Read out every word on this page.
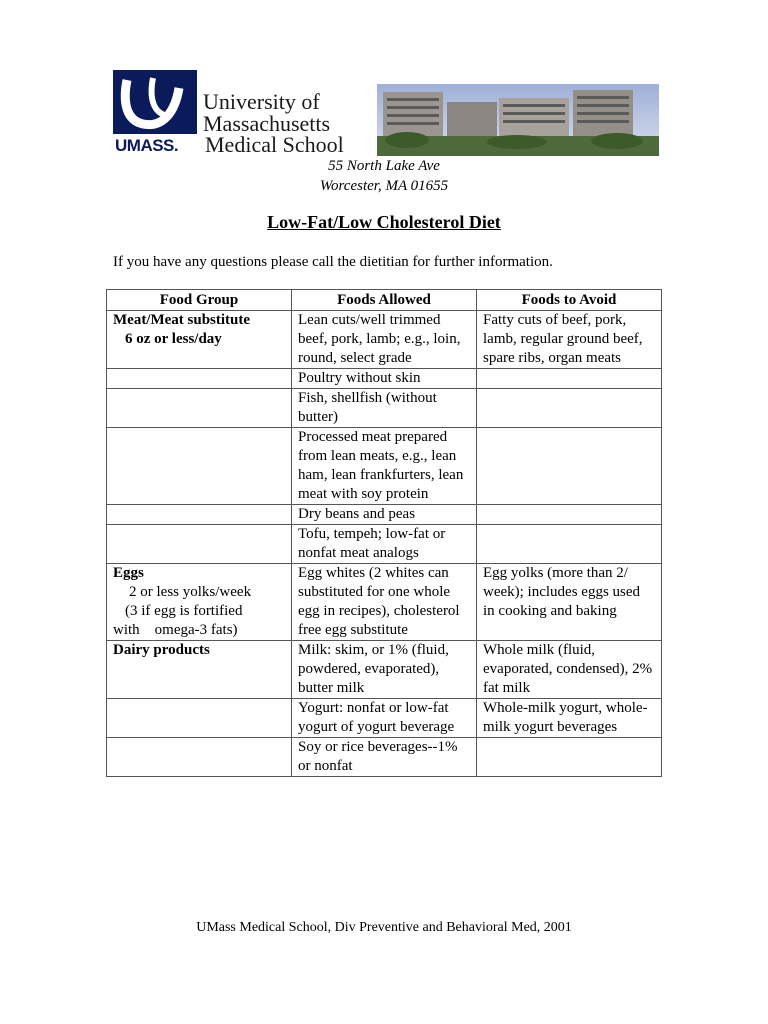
University of
Massachusetts
UMASS. Medical School
55 North Lake Ave
Worcester, MA 01655
Low-Fat/Low Cholesterol Diet
If you have any questions please call the dietitian for further information.
Food Group	Foods Allowed	Foods to Avoid

Meat/Meat substitute
6 oz or less/day	Lean cuts/well trimmed beef, pork, lamb; e.g., loin, round, select grade	Fatty cuts of beef, pork, lamb, regular ground beef, spare ribs, organ meats
	Poultry without skin	
	Fish, shellfish (without butter)	
	Processed meat prepared from lean meats, e.g., lean ham, lean frankfurters, lean meat with soy protein	
	Dry beans and peas	
	Tofu, tempeh; low-fat or nonfat meat analogs	

Eggs
2 or less yolks/week
(3 if egg is fortified
with    omega-3 fats)	Egg whites (2 whites can substituted for one whole egg in recipes), cholesterol free egg substitute	Egg yolks (more than 2/ week); includes eggs used in cooking and baking

Dairy products	Milk: skim, or 1% (fluid, powdered, evaporated), butter milk	Whole milk (fluid, evaporated, condensed), 2% fat milk
	Yogurt: nonfat or low-fat yogurt of yogurt beverage	Whole-milk yogurt, whole-milk yogurt beverages
	Soy or rice beverages--1% or nonfat	
UMass Medical School, Div Preventive and Behavioral Med, 2001
